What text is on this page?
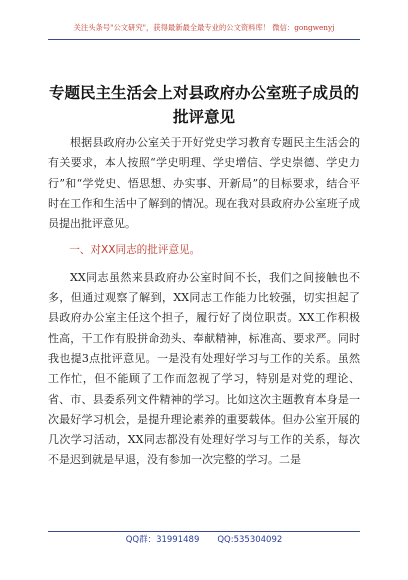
关注头条号"公文研究"，获得最新最全最专业的公文资料库！ 微信：gongwenyj
专题民主生活会上对县政府办公室班子成员的批评意见

根据县政府办公室关于开好党史学习教育专题民主生活会的有关要求，本人按照“学史明理、学史增信、学史崇德、学史力行”和“学党史、悟思想、办实事、开新局”的目标要求，结合平时在工作和生活中了解到的情况。现在我对县政府办公室班子成员提出批评意见。

一、对XX同志的批评意见。

XX同志虽然来县政府办公室时间不长，我们之间接触也不多，但通过观察了解到，XX同志工作能力比较强，切实担起了县政府办公室主任这个担子，履行好了岗位职责。XX工作积极性高，干工作有股拼命劲头、奉献精神，标准高、要求严。同时我也提3点批评意见。一是没有处理好学习与工作的关系。虽然工作忙，但不能顾了工作而忽视了学习，特别是对党的理论、省、市、县委系列文件精神的学习。比如这次主题教育本身是一次最好学习机会，是提升理论素养的重要载体。但办公室开展的几次学习活动，XX同志都没有处理好学习与工作的关系，每次不是迟到就是早退，没有参加一次完整的学习。二是

QQ群：31991489 QQ:535304092
